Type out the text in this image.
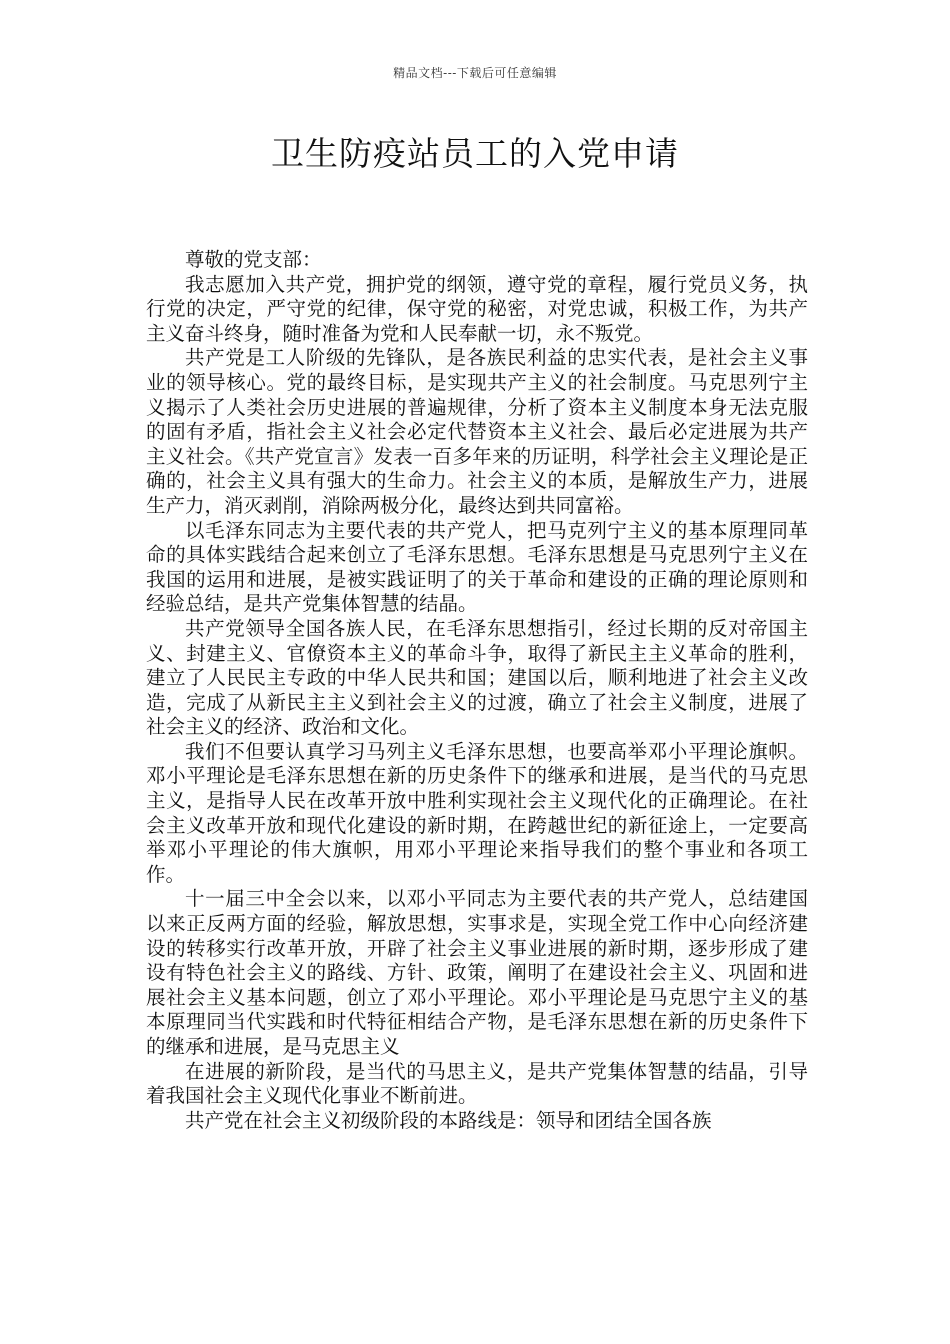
精品文档---下载后可任意编辑
卫生防疫站员工的入党申请

尊敬的党支部：

我志愿加入共产党，拥护党的纲领，遵守党的章程，履行党员义务，执行党的决定，严守党的纪律，保守党的秘密，对党忠诚，积极工作，为共产主义奋斗终身，随时准备为党和人民奉献一切，永不叛党。

共产党是工人阶级的先锋队，是各族民利益的忠实代表，是社会主义事业的领导核心。党的最终目标，是实现共产主义的社会制度。马克思列宁主义揭示了人类社会历史进展的普遍规律，分析了资本主义制度本身无法克服的固有矛盾，指社会主义社会必定代替资本主义社会、最后必定进展为共产主义社会。《共产党宣言》发表一百多年来的历证明，科学社会主义理论是正确的，社会主义具有强大的生命力。社会主义的本质，是解放生产力，进展生产力，消灭剥削，消除两极分化，最终达到共同富裕。

以毛泽东同志为主要代表的共产党人，把马克列宁主义的基本原理同革命的具体实践结合起来创立了毛泽东思想。毛泽东思想是马克思列宁主义在我国的运用和进展，是被实践证明了的关于革命和建设的正确的理论原则和经验总结，是共产党集体智慧的结晶。

共产党领导全国各族人民，在毛泽东思想指引，经过长期的反对帝国主义、封建主义、官僚资本主义的革命斗争，取得了新民主主义革命的胜利，建立了人民民主专政的中华人民共和国；建国以后，顺利地进了社会主义改造，完成了从新民主主义到社会主义的过渡，确立了社会主义制度，进展了社会主义的经济、政治和文化。

我们不但要认真学习马列主义毛泽东思想，也要高举邓小平理论旗帜。邓小平理论是毛泽东思想在新的历史条件下的继承和进展，是当代的马克思主义，是指导人民在改革开放中胜利实现社会主义现代化的正确理论。在社会主义改革开放和现代化建设的新时期，在跨越世纪的新征途上，一定要高举邓小平理论的伟大旗帜，用邓小平理论来指导我们的整个事业和各项工作。

十一届三中全会以来，以邓小平同志为主要代表的共产党人，总结建国以来正反两方面的经验，解放思想，实事求是，实现全党工作中心向经济建设的转移实行改革开放，开辟了社会主义事业进展的新时期，逐步形成了建设有特色社会主义的路线、方针、政策，阐明了在建设社会主义、巩固和进展社会主义基本问题，创立了邓小平理论。邓小平理论是马克思宁主义的基本原理同当代实践和时代特征相结合产物，是毛泽东思想在新的历史条件下的继承和进展，是马克思主义

在进展的新阶段，是当代的马思主义，是共产党集体智慧的结晶，引导着我国社会主义现代化事业不断前进。

共产党在社会主义初级阶段的本路线是：领导和团结全国各族
